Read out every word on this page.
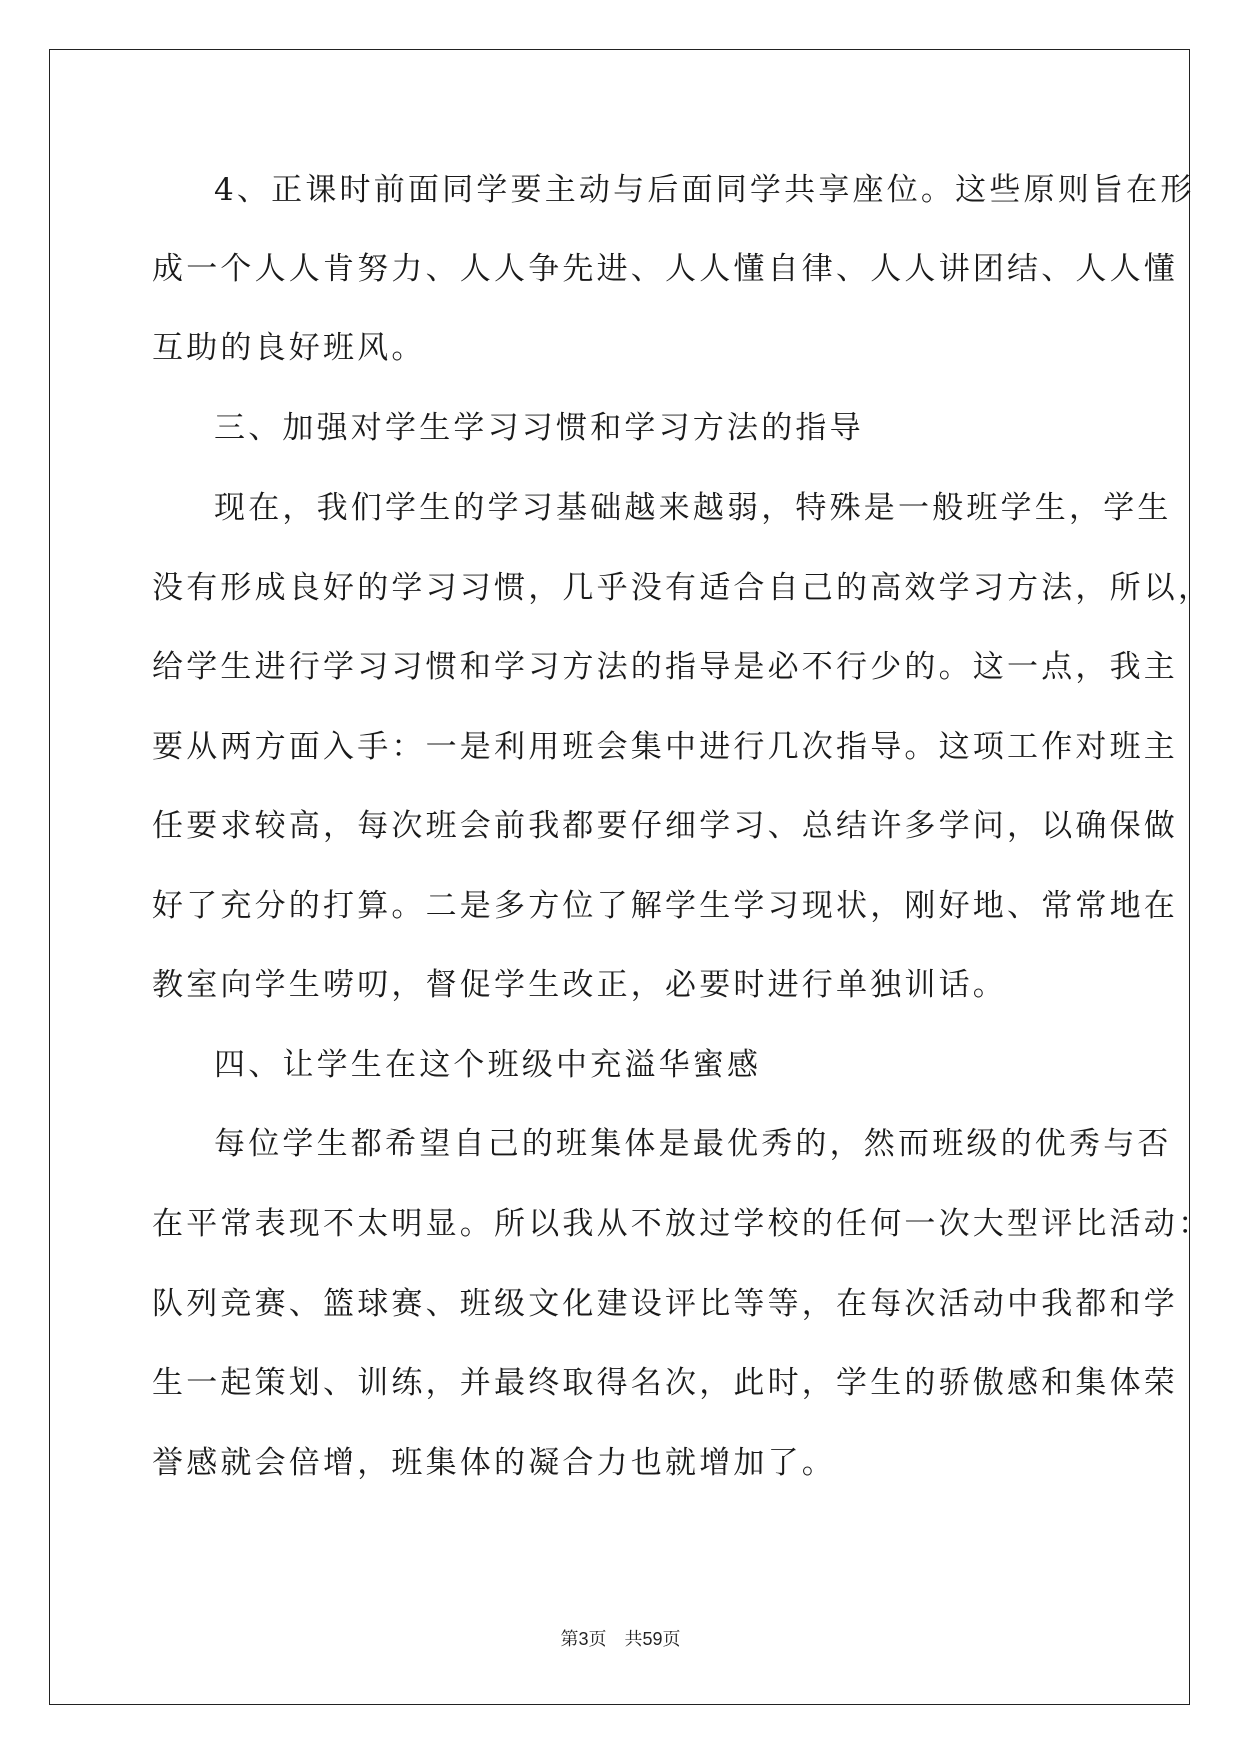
4、正课时前面同学要主动与后面同学共享座位。这些原则旨在形
成一个人人肯努力、人人争先进、人人懂自律、人人讲团结、人人懂
互助的良好班风。
三、加强对学生学习习惯和学习方法的指导
现在，我们学生的学习基础越来越弱，特殊是一般班学生，学生
没有形成良好的学习习惯，几乎没有适合自己的高效学习方法，所以，
给学生进行学习习惯和学习方法的指导是必不行少的。这一点，我主
要从两方面入手：一是利用班会集中进行几次指导。这项工作对班主
任要求较高，每次班会前我都要仔细学习、总结许多学问，以确保做
好了充分的打算。二是多方位了解学生学习现状，刚好地、常常地在
教室向学生唠叨，督促学生改正，必要时进行单独训话。
四、让学生在这个班级中充溢华蜜感
每位学生都希望自己的班集体是最优秀的，然而班级的优秀与否
在平常表现不太明显。所以我从不放过学校的任何一次大型评比活动：
队列竞赛、篮球赛、班级文化建设评比等等，在每次活动中我都和学
生一起策划、训练，并最终取得名次，此时，学生的骄傲感和集体荣
誉感就会倍增，班集体的凝合力也就增加了。
第3页 共59页
